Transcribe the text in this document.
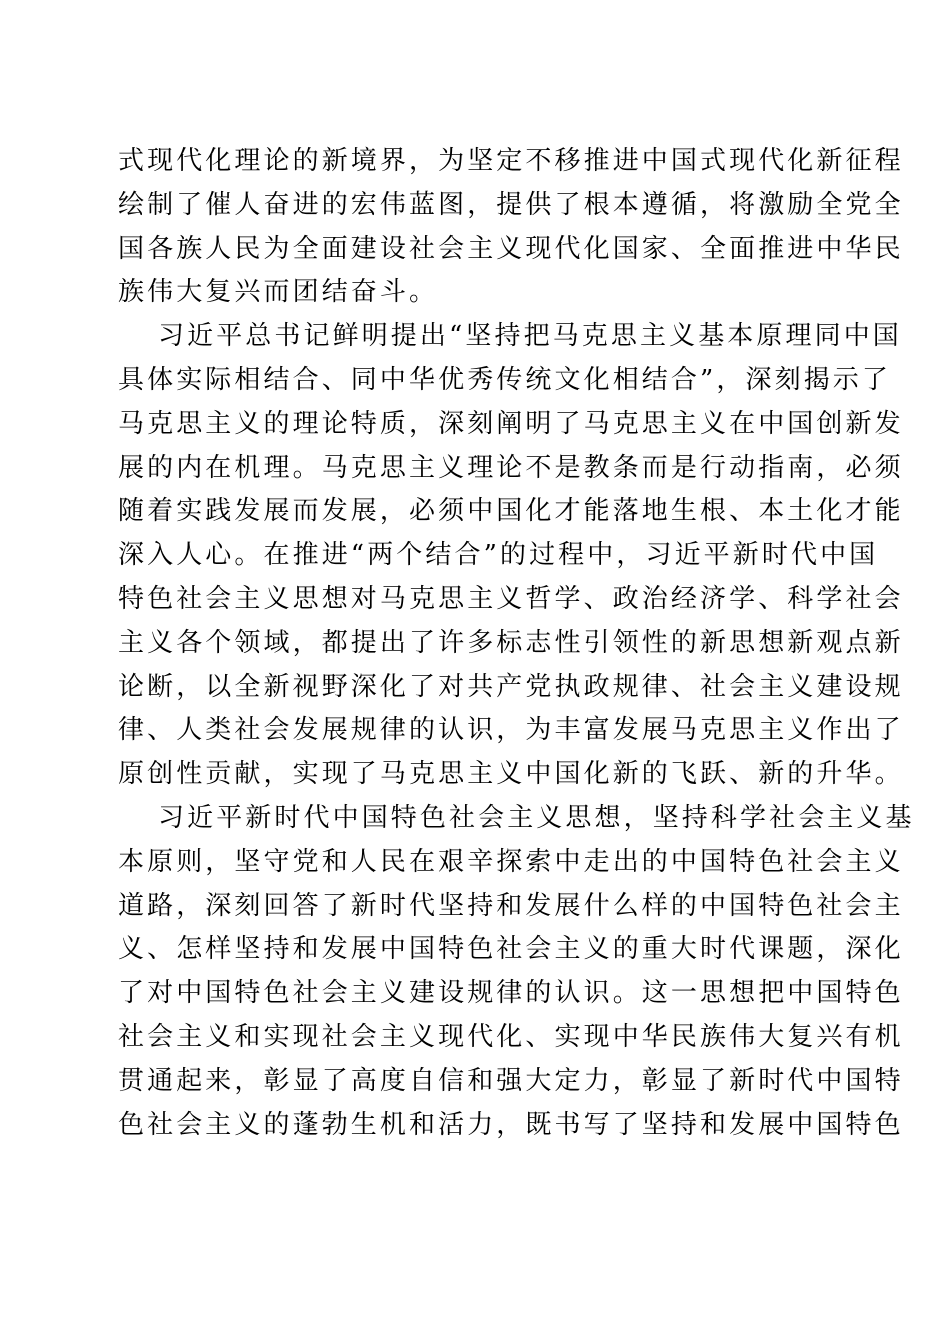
式现代化理论的新境界，为坚定不移推进中国式现代化新征程
绘制了催人奋进的宏伟蓝图，提供了根本遵循，将激励全党全
国各族人民为全面建设社会主义现代化国家、全面推进中华民
族伟大复兴而团结奋斗。
习近平总书记鲜明提出“坚持把马克思主义基本原理同中国
具体实际相结合、同中华优秀传统文化相结合”，深刻揭示了
马克思主义的理论特质，深刻阐明了马克思主义在中国创新发
展的内在机理。马克思主义理论不是教条而是行动指南，必须
随着实践发展而发展，必须中国化才能落地生根、本土化才能
深入人心。在推进“两个结合”的过程中，习近平新时代中国
特色社会主义思想对马克思主义哲学、政治经济学、科学社会
主义各个领域，都提出了许多标志性引领性的新思想新观点新
论断，以全新视野深化了对共产党执政规律、社会主义建设规
律、人类社会发展规律的认识，为丰富发展马克思主义作出了
原创性贡献，实现了马克思主义中国化新的飞跃、新的升华。
习近平新时代中国特色社会主义思想，坚持科学社会主义基
本原则，坚守党和人民在艰辛探索中走出的中国特色社会主义
道路，深刻回答了新时代坚持和发展什么样的中国特色社会主
义、怎样坚持和发展中国特色社会主义的重大时代课题，深化
了对中国特色社会主义建设规律的认识。这一思想把中国特色
社会主义和实现社会主义现代化、实现中华民族伟大复兴有机
贯通起来，彰显了高度自信和强大定力，彰显了新时代中国特
色社会主义的蓬勃生机和活力，既书写了坚持和发展中国特色
